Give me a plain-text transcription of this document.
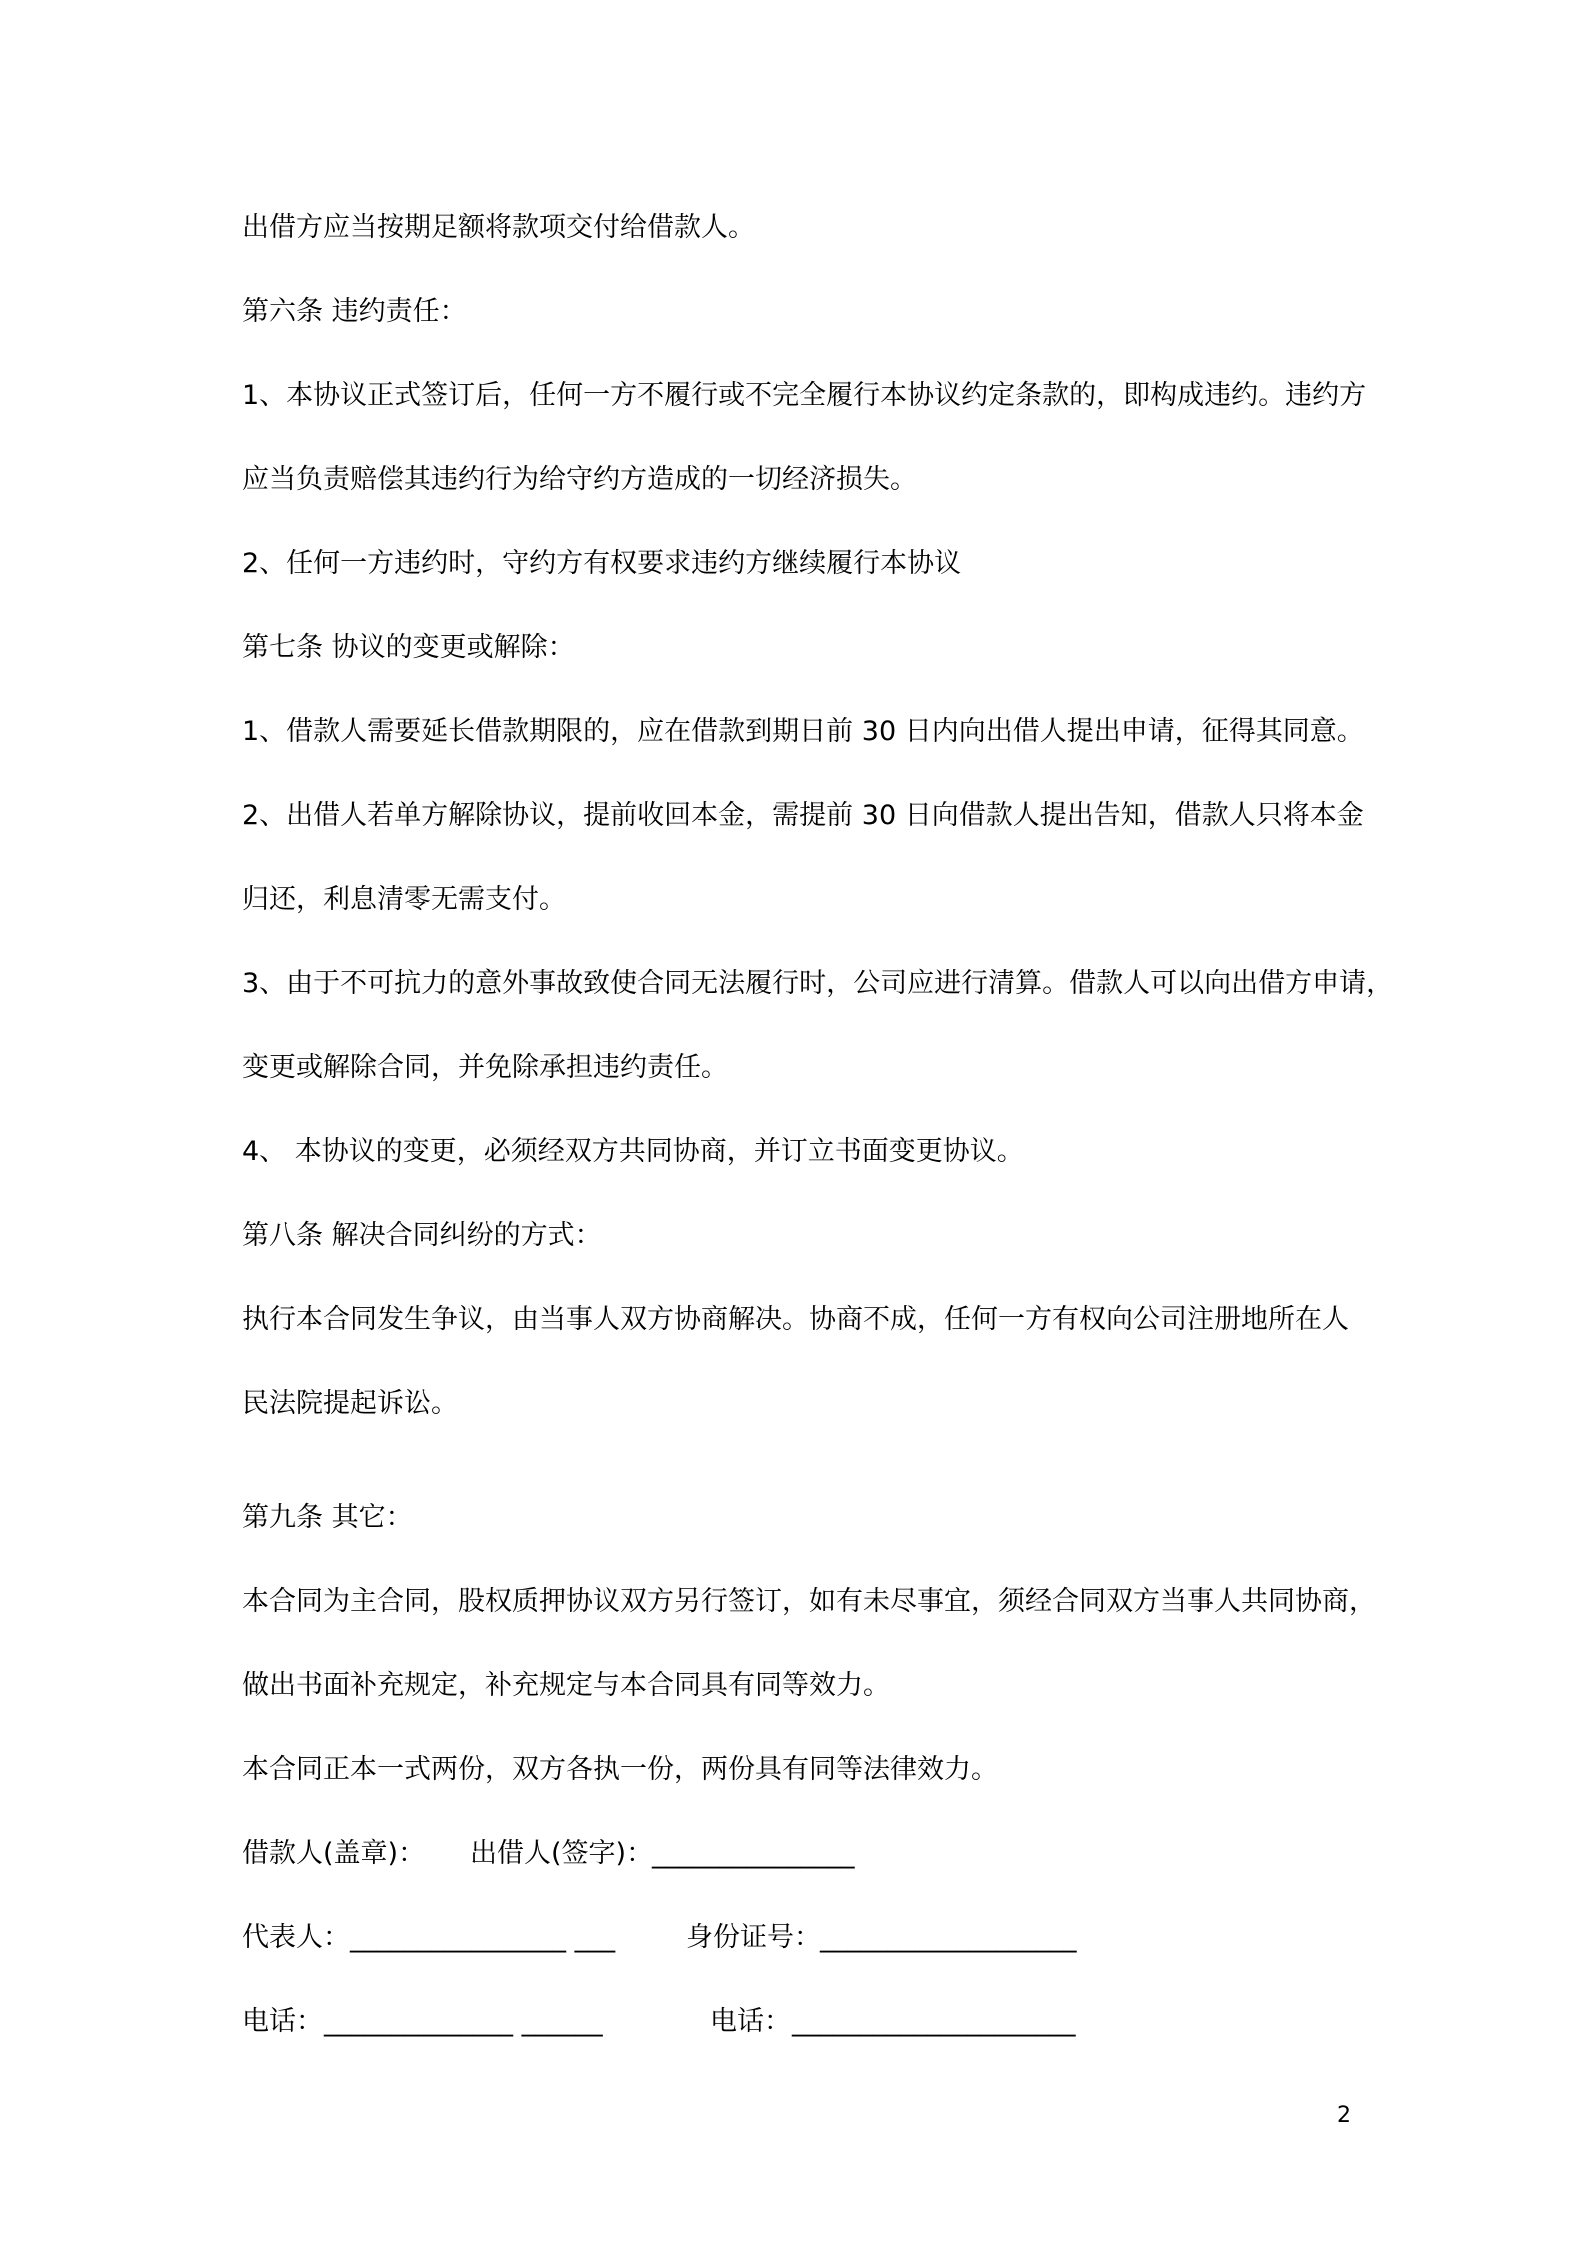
出借方应当按期足额将款项交付给借款人。
第六条 违约责任：
1、本协议正式签订后，任何一方不履行或不完全履行本协议约定条款的，即构成违约。违约方
应当负责赔偿其违约行为给守约方造成的一切经济损失。
2、任何一方违约时，守约方有权要求违约方继续履行本协议
第七条 协议的变更或解除：
1、借款人需要延长借款期限的，应在借款到期日前 30 日内向出借人提出申请，征得其同意。
2、出借人若单方解除协议，提前收回本金，需提前 30 日向借款人提出告知，借款人只将本金
归还，利息清零无需支付。
3、由于不可抗力的意外事故致使合同无法履行时，公司应进行清算。借款人可以向出借方申请，
变更或解除合同，并免除承担违约责任。
4、 本协议的变更，必须经双方共同协商，并订立书面变更协议。
第八条 解决合同纠纷的方式：
执行本合同发生争议，由当事人双方协商解决。协商不成，任何一方有权向公司注册地所在人
民法院提起诉讼。
第九条 其它：
本合同为主合同，股权质押协议双方另行签订，如有未尽事宜，须经合同双方当事人共同协商，
做出书面补充规定，补充规定与本合同具有同等效力。
本合同正本一式两份，双方各执一份，两份具有同等法律效力。
借款人(盖章)： 出借人(签字)：
_______________
代表人： ________________ ___	身份证号： ___________________
电话： ______________ ______	电话： _____________________
2
